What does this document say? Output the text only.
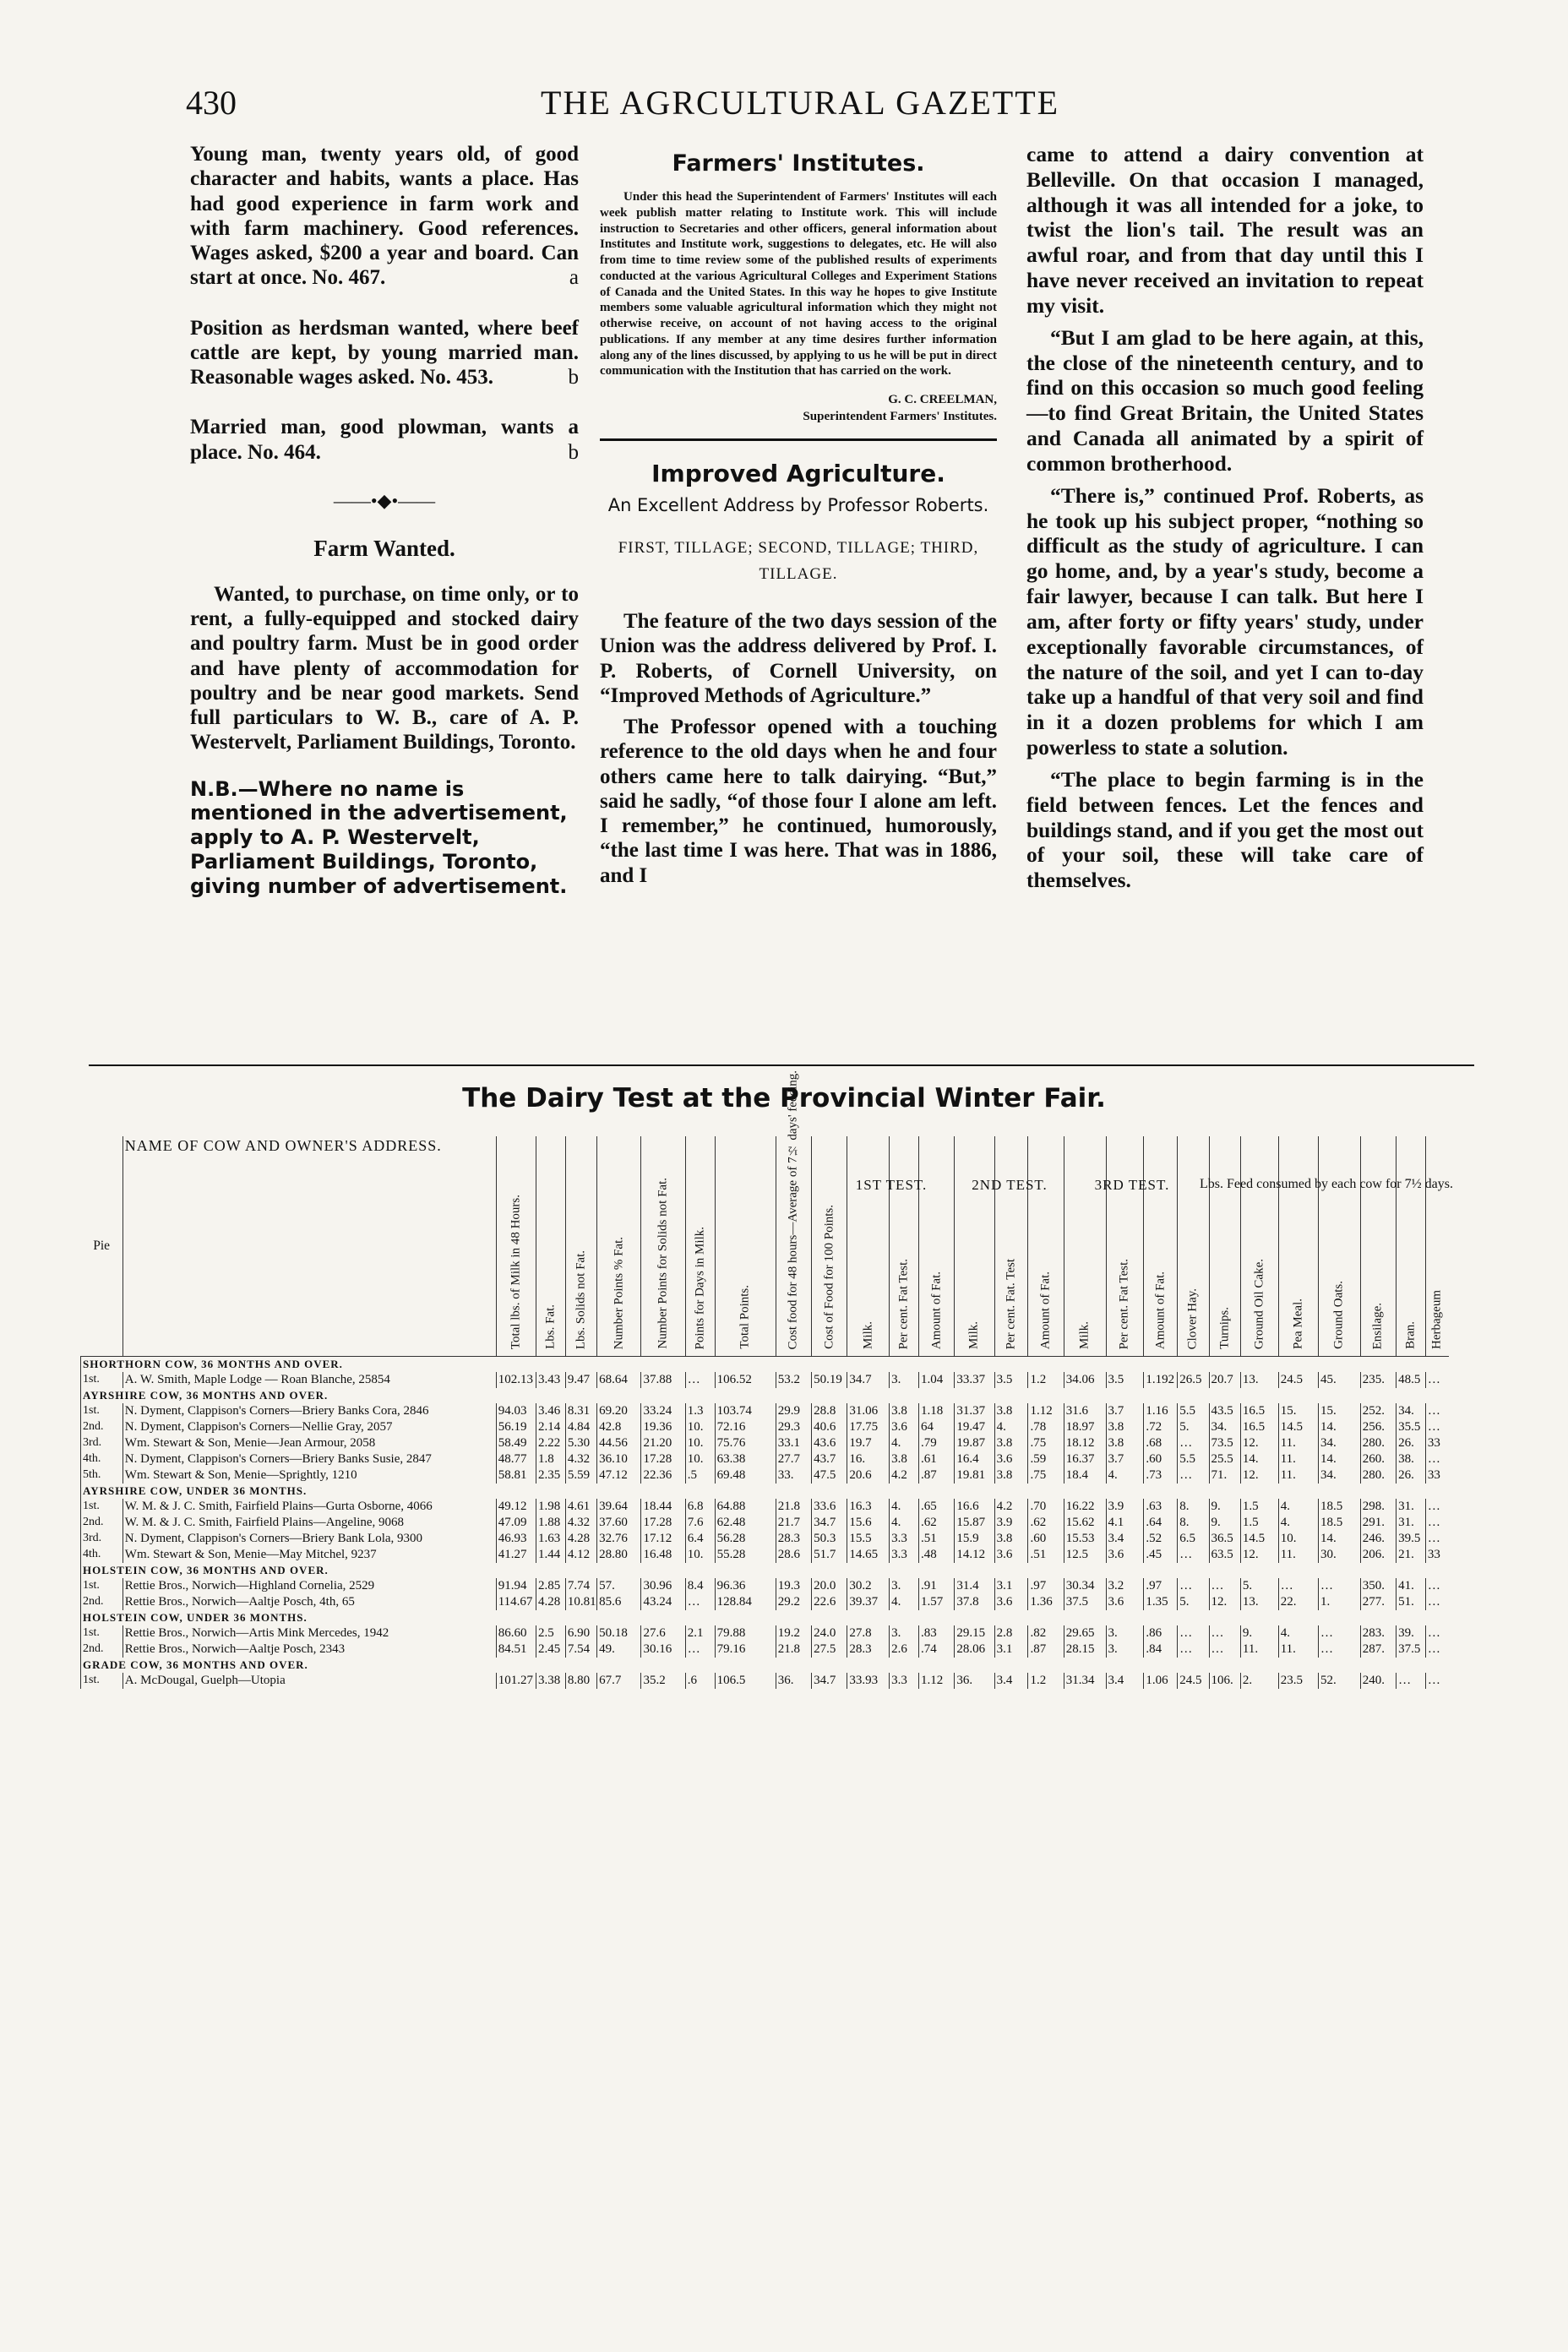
430	THE AGRCULTURAL GAZETTE
Young man, twenty years old, of good character and habits, wants a place. Has had good experience in farm work and with farm machinery. Good references. Wages asked, $200 a year and board. Can start at once. No. 467.	a
Position as herdsman wanted, where beef cattle are kept, by young married man. Reasonable wages asked. No. 453.	b
Married man, good plowman, wants a place. No. 464.	b
——•◆•——
Farm Wanted.

Wanted, to purchase, on time only, or to rent, a fully-equipped and stocked dairy and poultry farm. Must be in good order and have plenty of accommodation for poultry and be near good markets. Send full particulars to W. B., care of A. P. Westervelt, Parliament Buildings, Toronto.

N.B.—Where no name is mentioned in the advertisement, apply to A. P. Westervelt, Parliament Buildings, Toronto, giving number of advertisement.

Farmers' Institutes.

Under this head the Superintendent of Farmers' Institutes will each week publish matter relating to Institute work. This will include instruction to Secretaries and other officers, general information about Institutes and Institute work, suggestions to delegates, etc. He will also from time to time review some of the published results of experiments conducted at the various Agricultural Colleges and Experiment Stations of Canada and the United States. In this way he hopes to give Institute members some valuable agricultural information which they might not otherwise receive, on account of not having access to the original publications. If any member at any time desires further information along any of the lines discussed, by applying to us he will be put in direct communication with the Institution that has carried on the work.

G. C. CREELMAN,
Superintendent Farmers' Institutes.
Improved Agriculture.
An Excellent Address by Professor Roberts.
FIRST, TILLAGE; SECOND, TILLAGE; THIRD, TILLAGE.

The feature of the two days session of the Union was the address delivered by Prof. I. P. Roberts, of Cornell University, on “Improved Methods of Agriculture.”

The Professor opened with a touching reference to the old days when he and four others came here to talk dairying. “But,” said he sadly, “of those four I alone am left. I remember,” he continued, humorously, “the last time I was here. That was in 1886, and I

came to attend a dairy convention at Belleville. On that occasion I managed, although it was all intended for a joke, to twist the lion's tail. The result was an awful roar, and from that day until this I have never received an invitation to repeat my visit.

“But I am glad to be here again, at this, the close of the nineteenth century, and to find on this occasion so much good feeling—to find Great Britain, the United States and Canada all animated by a spirit of common brotherhood.

“There is,” continued Prof. Roberts, as he took up his subject proper, “nothing so difficult as the study of agriculture. I can go home, and, by a year's study, become a fair lawyer, because I can talk. But here I am, after forty or fifty years' study, under exceptionally favorable circumstances, of the nature of the soil, and yet I can to-day take up a handful of that very soil and find in it a dozen problems for which I am powerless to state a solution.

“The place to begin farming is in the field between fences. Let the fences and buildings stand, and if you get the most out of your soil, these will take care of themselves.

The Dairy Test at the Provincial Winter Fair.
Pie	NAME OF COW AND OWNER'S ADDRESS.	Total lbs. of Milk in 48 Hours.	Lbs. Fat.	Lbs. Solids not Fat.	Number Points % Fat.	Number Points for Solids not Fat.	Points for Days in Milk.	Total Points.	Cost food for 48 hours—Average of 7½ days' feeding.	Cost of Food for 100 Points.	Milk.	Per cent. Fat Test.	Amount of Fat.	Milk.	Per cent. Fat. Test	Amount of Fat.	Milk.	Per cent. Fat Test.	Amount of Fat.	Clover Hay.	Turnips.	Ground Oil Cake.	Pea Meal.	Ground Oats.	Ensilage.	Bran.	Herbageum

SHORTHORN COW, 36 MONTHS AND OVER.																											
1st.	A. W. Smith, Maple Lodge — Roan Blanche, 25854	102.13	3.43	9.47	68.64	37.88	…	106.52	53.2	50.19	34.7	3.	1.04	33.37	3.5	1.2	34.06	3.5	1.192	26.5	20.7	13.	24.5	45.	235.	48.5	…
AYRSHIRE COW, 36 MONTHS AND OVER.																											
1st.	N. Dyment, Clappison's Corners—Briery Banks Cora, 2846	94.03	3.46	8.31	69.20	33.24	1.3	103.74	29.9	28.8	31.06	3.8	1.18	31.37	3.8	1.12	31.6	3.7	1.16	5.5	43.5	16.5	15.	15.	252.	34.	…
2nd.	N. Dyment, Clappison's Corners—Nellie Gray, 2057	56.19	2.14	4.84	42.8	19.36	10.	72.16	29.3	40.6	17.75	3.6	64	19.47	4.	.78	18.97	3.8	.72	5.	34.	16.5	14.5	14.	256.	35.5	…
3rd.	Wm. Stewart & Son, Menie—Jean Armour, 2058	58.49	2.22	5.30	44.56	21.20	10.	75.76	33.1	43.6	19.7	4.	.79	19.87	3.8	.75	18.12	3.8	.68	…	73.5	12.	11.	34.	280.	26.	33
4th.	N. Dyment, Clappison's Corners—Briery Banks Susie, 2847	48.77	1.8	4.32	36.10	17.28	10.	63.38	27.7	43.7	16.	3.8	.61	16.4	3.6	.59	16.37	3.7	.60	5.5	25.5	14.	11.	14.	260.	38.	…
5th.	Wm. Stewart & Son, Menie—Sprightly, 1210	58.81	2.35	5.59	47.12	22.36	.5	69.48	33.	47.5	20.6	4.2	.87	19.81	3.8	.75	18.4	4.	.73	…	71.	12.	11.	34.	280.	26.	33
AYRSHIRE COW, UNDER 36 MONTHS.																											
1st.	W. M. & J. C. Smith, Fairfield Plains—Gurta Osborne, 4066	49.12	1.98	4.61	39.64	18.44	6.8	64.88	21.8	33.6	16.3	4.	.65	16.6	4.2	.70	16.22	3.9	.63	8.	9.	1.5	4.	18.5	298.	31.	…
2nd.	W. M. & J. C. Smith, Fairfield Plains—Angeline, 9068	47.09	1.88	4.32	37.60	17.28	7.6	62.48	21.7	34.7	15.6	4.	.62	15.87	3.9	.62	15.62	4.1	.64	8.	9.	1.5	4.	18.5	291.	31.	…
3rd.	N. Dyment, Clappison's Corners—Briery Bank Lola, 9300	46.93	1.63	4.28	32.76	17.12	6.4	56.28	28.3	50.3	15.5	3.3	.51	15.9	3.8	.60	15.53	3.4	.52	6.5	36.5	14.5	10.	14.	246.	39.5	…
4th.	Wm. Stewart & Son, Menie—May Mitchel, 9237	41.27	1.44	4.12	28.80	16.48	10.	55.28	28.6	51.7	14.65	3.3	.48	14.12	3.6	.51	12.5	3.6	.45	…	63.5	12.	11.	30.	206.	21.	33
HOLSTEIN COW, 36 MONTHS AND OVER.																											
1st.	Rettie Bros., Norwich—Highland Cornelia, 2529	91.94	2.85	7.74	57.	30.96	8.4	96.36	19.3	20.0	30.2	3.	.91	31.4	3.1	.97	30.34	3.2	.97	…	…	5.	…	…	350.	41.	…
2nd.	Rettie Bros., Norwich—Aaltje Posch, 4th, 65	114.67	4.28	10.81	85.6	43.24	…	128.84	29.2	22.6	39.37	4.	1.57	37.8	3.6	1.36	37.5	3.6	1.35	5.	12.	13.	22.	1.	277.	51.	…
HOLSTEIN COW, UNDER 36 MONTHS.																											
1st.	Rettie Bros., Norwich—Artis Mink Mercedes, 1942	86.60	2.5	6.90	50.18	27.6	2.1	79.88	19.2	24.0	27.8	3.	.83	29.15	2.8	.82	29.65	3.	.86	…	…	9.	4.	…	283.	39.	…
2nd.	Rettie Bros., Norwich—Aaltje Posch, 2343	84.51	2.45	7.54	49.	30.16	…	79.16	21.8	27.5	28.3	2.6	.74	28.06	3.1	.87	28.15	3.	.84	…	…	11.	11.	…	287.	37.5	…
GRADE COW, 36 MONTHS AND OVER.																											
1st.	A. McDougal, Guelph—Utopia	101.27	3.38	8.80	67.7	35.2	.6	106.5	36.	34.7	33.93	3.3	1.12	36.	3.4	1.2	31.34	3.4	1.06	24.5	106.	2.	23.5	52.	240.	…	…
1ST TEST.	2ND TEST.	3RD TEST.	Lbs. Feed consumed by each cow for 7½ days.
